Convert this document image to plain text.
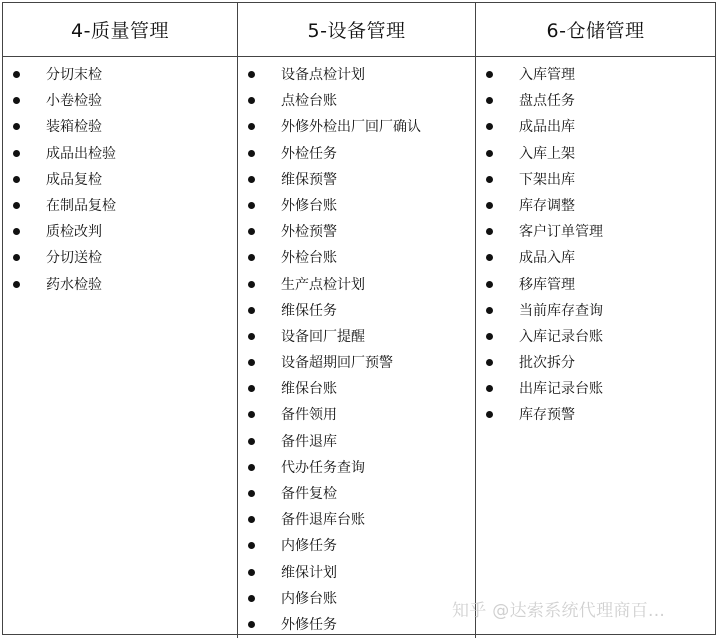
4-质量管理	5-设备管理	6-仓储管理
分切末检
小卷检验
装箱检验
成品出检验
成品复检
在制品复检
质检改判
分切送检
药水检验
设备点检计划
点检台账
外修外检出厂回厂确认
外检任务
维保预警
外修台账
外检预警
外检台账
生产点检计划
维保任务
设备回厂提醒
设备超期回厂预警
维保台账
备件领用
备件退库
代办任务查询
备件复检
备件退库台账
内修任务
维保计划
内修台账
外修任务
入库管理
盘点任务
成品出库
入库上架
下架出库
库存调整
客户订单管理
成品入库
移库管理
当前库存查询
入库记录台账
批次拆分
出库记录台账
库存预警
知乎 @达索系统代理商百...
